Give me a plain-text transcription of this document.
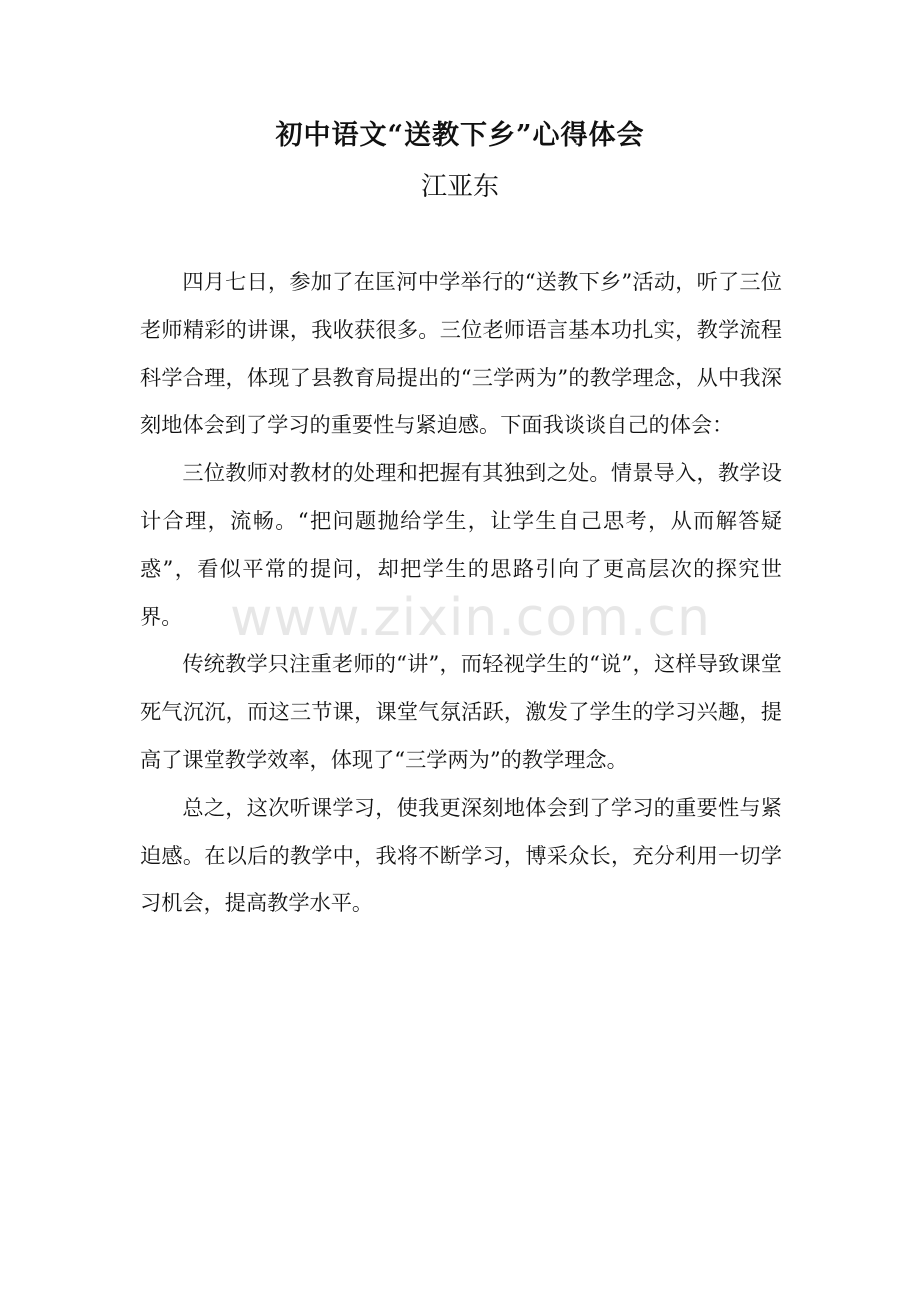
初中语文“送教下乡”心得体会
江亚东

四月七日，参加了在匡河中学举行的“送教下乡”活动，听了三位老师精彩的讲课，我收获很多。三位老师语言基本功扎实，教学流程科学合理，体现了县教育局提出的“三学两为”的教学理念，从中我深刻地体会到了学习的重要性与紧迫感。下面我谈谈自己的体会：

三位教师对教材的处理和把握有其独到之处。情景导入，教学设计合理，流畅。“把问题抛给学生，让学生自己思考，从而解答疑惑”，看似平常的提问，却把学生的思路引向了更高层次的探究世界。

传统教学只注重老师的“讲”，而轻视学生的“说”，这样导致课堂死气沉沉，而这三节课，课堂气氛活跃，激发了学生的学习兴趣，提高了课堂教学效率，体现了“三学两为”的教学理念。

总之，这次听课学习，使我更深刻地体会到了学习的重要性与紧迫感。在以后的教学中，我将不断学习，博采众长，充分利用一切学习机会，提高教学水平。

www.zixin.com.cn
